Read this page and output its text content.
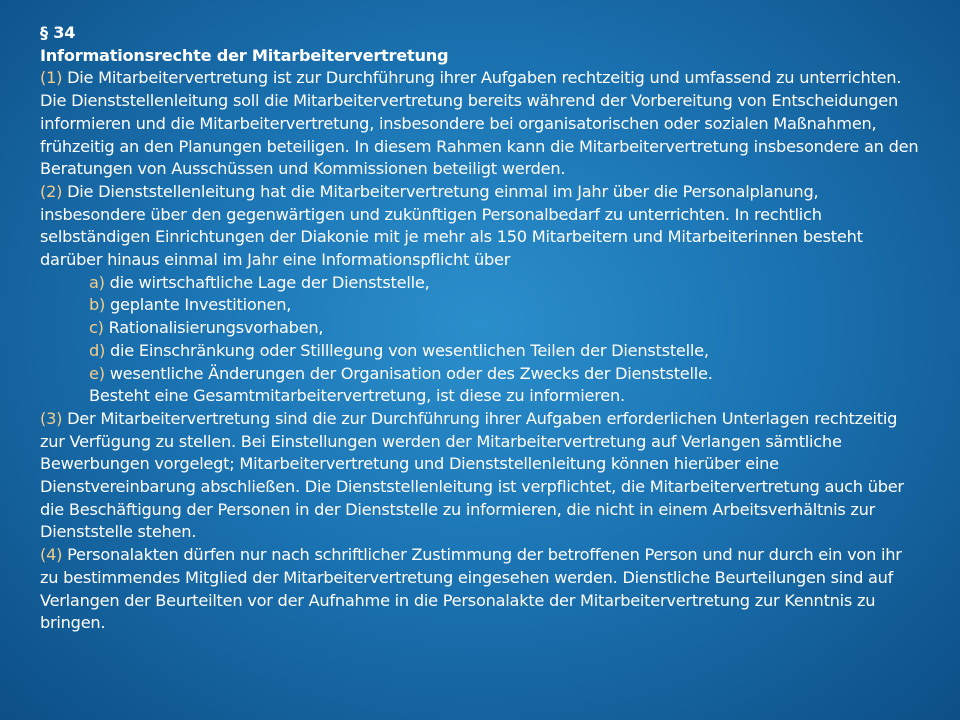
§ 34
Informationsrechte der Mitarbeitervertretung
(1) Die Mitarbeitervertretung ist zur Durchführung ihrer Aufgaben rechtzeitig und umfassend zu unterrichten. Die Dienststellenleitung soll die Mitarbeitervertretung bereits während der Vorbereitung von Entscheidungen informieren und die Mitarbeitervertretung, insbesondere bei organisatorischen oder sozialen Maßnahmen, frühzeitig an den Planungen beteiligen. In diesem Rahmen kann die Mitarbeitervertretung insbesondere an den Beratungen von Ausschüssen und Kommissionen beteiligt werden.
(2) Die Dienststellenleitung hat die Mitarbeitervertretung einmal im Jahr über die Personalplanung, insbesondere über den gegenwärtigen und zukünftigen Personalbedarf zu unterrichten. In rechtlich selbständigen Einrichtungen der Diakonie mit je mehr als 150 Mitarbeitern und Mitarbeiterinnen besteht darüber hinaus einmal im Jahr eine Informationspflicht über
a) die wirtschaftliche Lage der Dienststelle,
b) geplante Investitionen,
c) Rationalisierungsvorhaben,
d) die Einschränkung oder Stilllegung von wesentlichen Teilen der Dienststelle,
e) wesentliche Änderungen der Organisation oder des Zwecks der Dienststelle.
Besteht eine Gesamtmitarbeitervertretung, ist diese zu informieren.
(3) Der Mitarbeitervertretung sind die zur Durchführung ihrer Aufgaben erforderlichen Unterlagen rechtzeitig zur Verfügung zu stellen. Bei Einstellungen werden der Mitarbeitervertretung auf Verlangen sämtliche Bewerbungen vorgelegt; Mitarbeitervertretung und Dienststellenleitung können hierüber eine Dienstvereinbarung abschließen. Die Dienststellenleitung ist verpflichtet, die Mitarbeitervertretung auch über die Beschäftigung der Personen in der Dienststelle zu informieren, die nicht in einem Arbeitsverhältnis zur Dienststelle stehen.
(4) Personalakten dürfen nur nach schriftlicher Zustimmung der betroffenen Person und nur durch ein von ihr zu bestimmendes Mitglied der Mitarbeitervertretung eingesehen werden. Dienstliche Beurteilungen sind auf Verlangen der Beurteilten vor der Aufnahme in die Personalakte der Mitarbeitervertretung zur Kenntnis zu bringen.
